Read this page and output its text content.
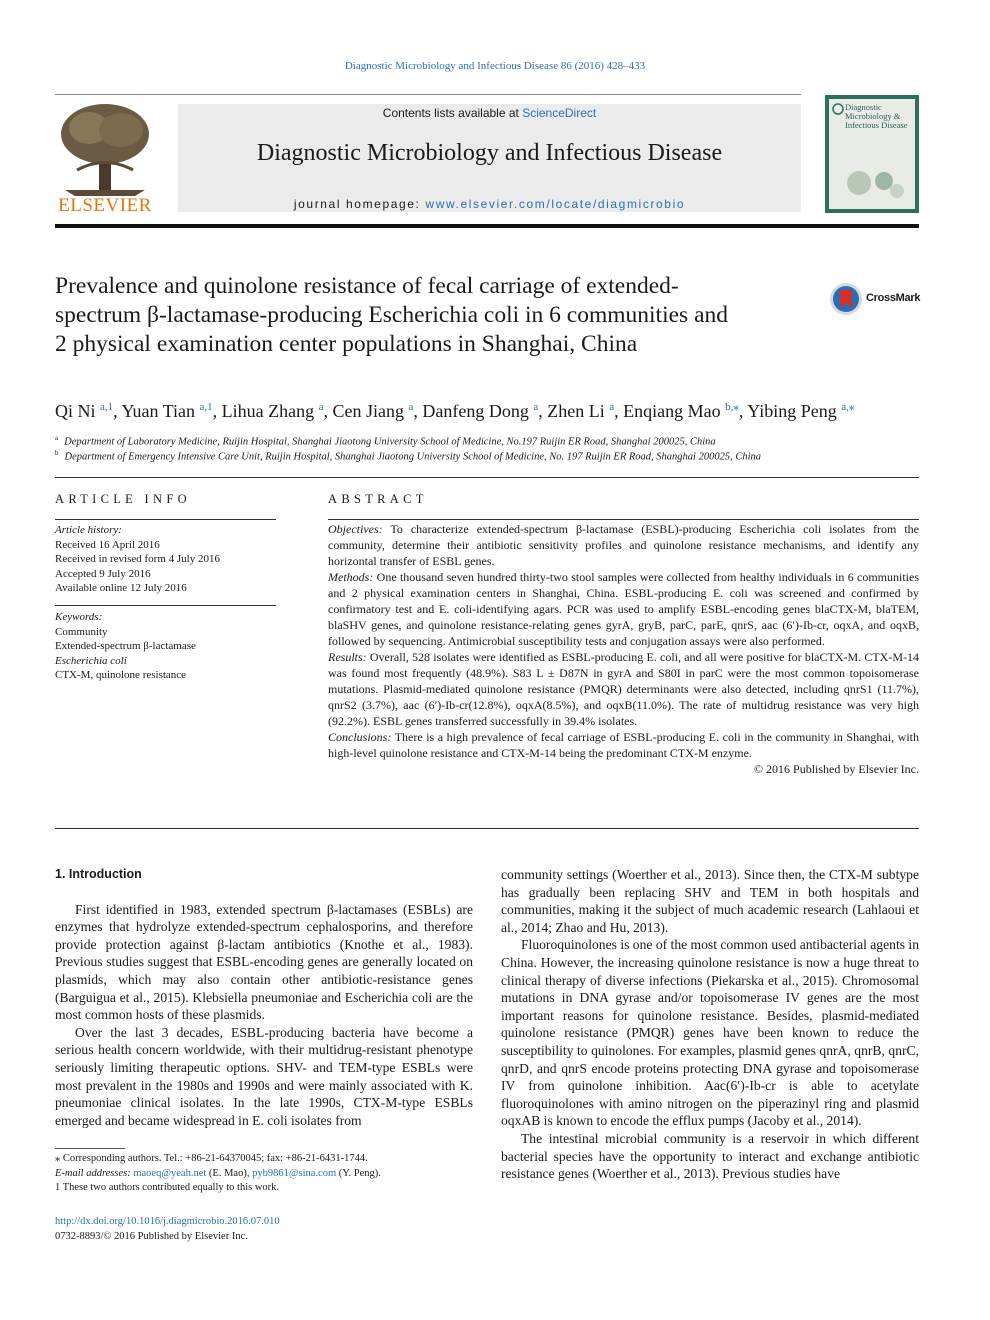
Diagnostic Microbiology and Infectious Disease 86 (2016) 428–433
ELSEVIER
Contents lists available at ScienceDirect
Diagnostic Microbiology and Infectious Disease
journal homepage: www.elsevier.com/locate/diagmicrobio
Diagnostic Microbiology & Infectious Disease
Prevalence and quinolone resistance of fecal carriage of extended-spectrum β-lactamase-producing Escherichia coli in 6 communities and 2 physical examination center populations in Shanghai, China
CrossMark
Qi Ni $^{a,1}$, Yuan Tian $^{a,1}$, Lihua Zhang $^a$, Cen Jiang $^a$, Danfeng Dong $^a$, Zhen Li $^a$, Enqiang Mao $^{b,⁎}$, Yibing Peng $^{a,⁎}$
$^a$ Department of Laboratory Medicine, Ruijin Hospital, Shanghai Jiaotong University School of Medicine, No.197 Ruijin ER Road, Shanghai 200025, China
$^b$ Department of Emergency Intensive Care Unit, Ruijin Hospital, Shanghai Jiaotong University School of Medicine, No. 197 Ruijin ER Road, Shanghai 200025, China
ARTICLE INFO
Article history:
Received 16 April 2016
Received in revised form 4 July 2016
Accepted 9 July 2016
Available online 12 July 2016
Keywords:
Community
Extended-spectrum β-lactamase
Escherichia coli
CTX-M, quinolone resistance
ABSTRACT

Objectives: To characterize extended-spectrum β-lactamase (ESBL)-producing Escherichia coli isolates from the community, determine their antibiotic sensitivity profiles and quinolone resistance mechanisms, and identify any horizontal transfer of ESBL genes.

Methods: One thousand seven hundred thirty-two stool samples were collected from healthy individuals in 6 communities and 2 physical examination centers in Shanghai, China. ESBL-producing E. coli was screened and confirmed by confirmatory test and E. coli-identifying agars. PCR was used to amplify ESBL-encoding genes blaCTX-M, blaTEM, blaSHV genes, and quinolone resistance-relating genes gyrA, gryB, parC, parE, qnrS, aac (6′)-Ib-cr, oqxA, and oqxB, followed by sequencing. Antimicrobial susceptibility tests and conjugation assays were also performed.

Results: Overall, 528 isolates were identified as ESBL-producing E. coli, and all were positive for blaCTX-M. CTX-M-14 was found most frequently (48.9%). S83 L ± D87N in gyrA and S80I in parC were the most common topoisomerase mutations. Plasmid-mediated quinolone resistance (PMQR) determinants were also detected, including qnrS1 (11.7%), qnrS2 (3.7%), aac (6′)-Ib-cr(12.8%), oqxA(8.5%), and oqxB(11.0%). The rate of multidrug resistance was very high (92.2%). ESBL genes transferred successfully in 39.4% isolates.

Conclusions: There is a high prevalence of fecal carriage of ESBL-producing E. coli in the community in Shanghai, with high-level quinolone resistance and CTX-M-14 being the predominant CTX-M enzyme.

© 2016 Published by Elsevier Inc.

1. Introduction

First identified in 1983, extended spectrum β-lactamases (ESBLs) are enzymes that hydrolyze extended-spectrum cephalosporins, and therefore provide protection against β-lactam antibiotics (Knothe et al., 1983). Previous studies suggest that ESBL-encoding genes are generally located on plasmids, which may also contain other antibiotic-resistance genes (Barguigua et al., 2015). Klebsiella pneumoniae and Escherichia coli are the most common hosts of these plasmids.

Over the last 3 decades, ESBL-producing bacteria have become a serious health concern worldwide, with their multidrug-resistant phenotype seriously limiting therapeutic options. SHV- and TEM-type ESBLs were most prevalent in the 1980s and 1990s and were mainly associated with K. pneumoniae clinical isolates. In the late 1990s, CTX-M-type ESBLs emerged and became widespread in E. coli isolates from

⁎ Corresponding authors. Tel.: +86-21-64370045; fax: +86-21-6431-1744.
E-mail addresses: maoeq@yeah.net (E. Mao), pyb9861@sina.com (Y. Peng).
1 These two authors contributed equally to this work.
http://dx.doi.org/10.1016/j.diagmicrobio.2016.07.010
0732-8893/© 2016 Published by Elsevier Inc.

community settings (Woerther et al., 2013). Since then, the CTX-M subtype has gradually been replacing SHV and TEM in both hospitals and communities, making it the subject of much academic research (Lahlaoui et al., 2014; Zhao and Hu, 2013).

Fluoroquinolones is one of the most common used antibacterial agents in China. However, the increasing quinolone resistance is now a huge threat to clinical therapy of diverse infections (Piekarska et al., 2015). Chromosomal mutations in DNA gyrase and/or topoisomerase IV genes are the most important reasons for quinolone resistance. Besides, plasmid-mediated quinolone resistance (PMQR) genes have been known to reduce the susceptibility to quinolones. For examples, plasmid genes qnrA, qnrB, qnrC, qnrD, and qnrS encode proteins protecting DNA gyrase and topoisomerase IV from quinolone inhibition. Aac(6′)-Ib-cr is able to acetylate fluoroquinolones with amino nitrogen on the piperazinyl ring and plasmid oqxAB is known to encode the efflux pumps (Jacoby et al., 2014).

The intestinal microbial community is a reservoir in which different bacterial species have the opportunity to interact and exchange antibiotic resistance genes (Woerther et al., 2013). Previous studies have
